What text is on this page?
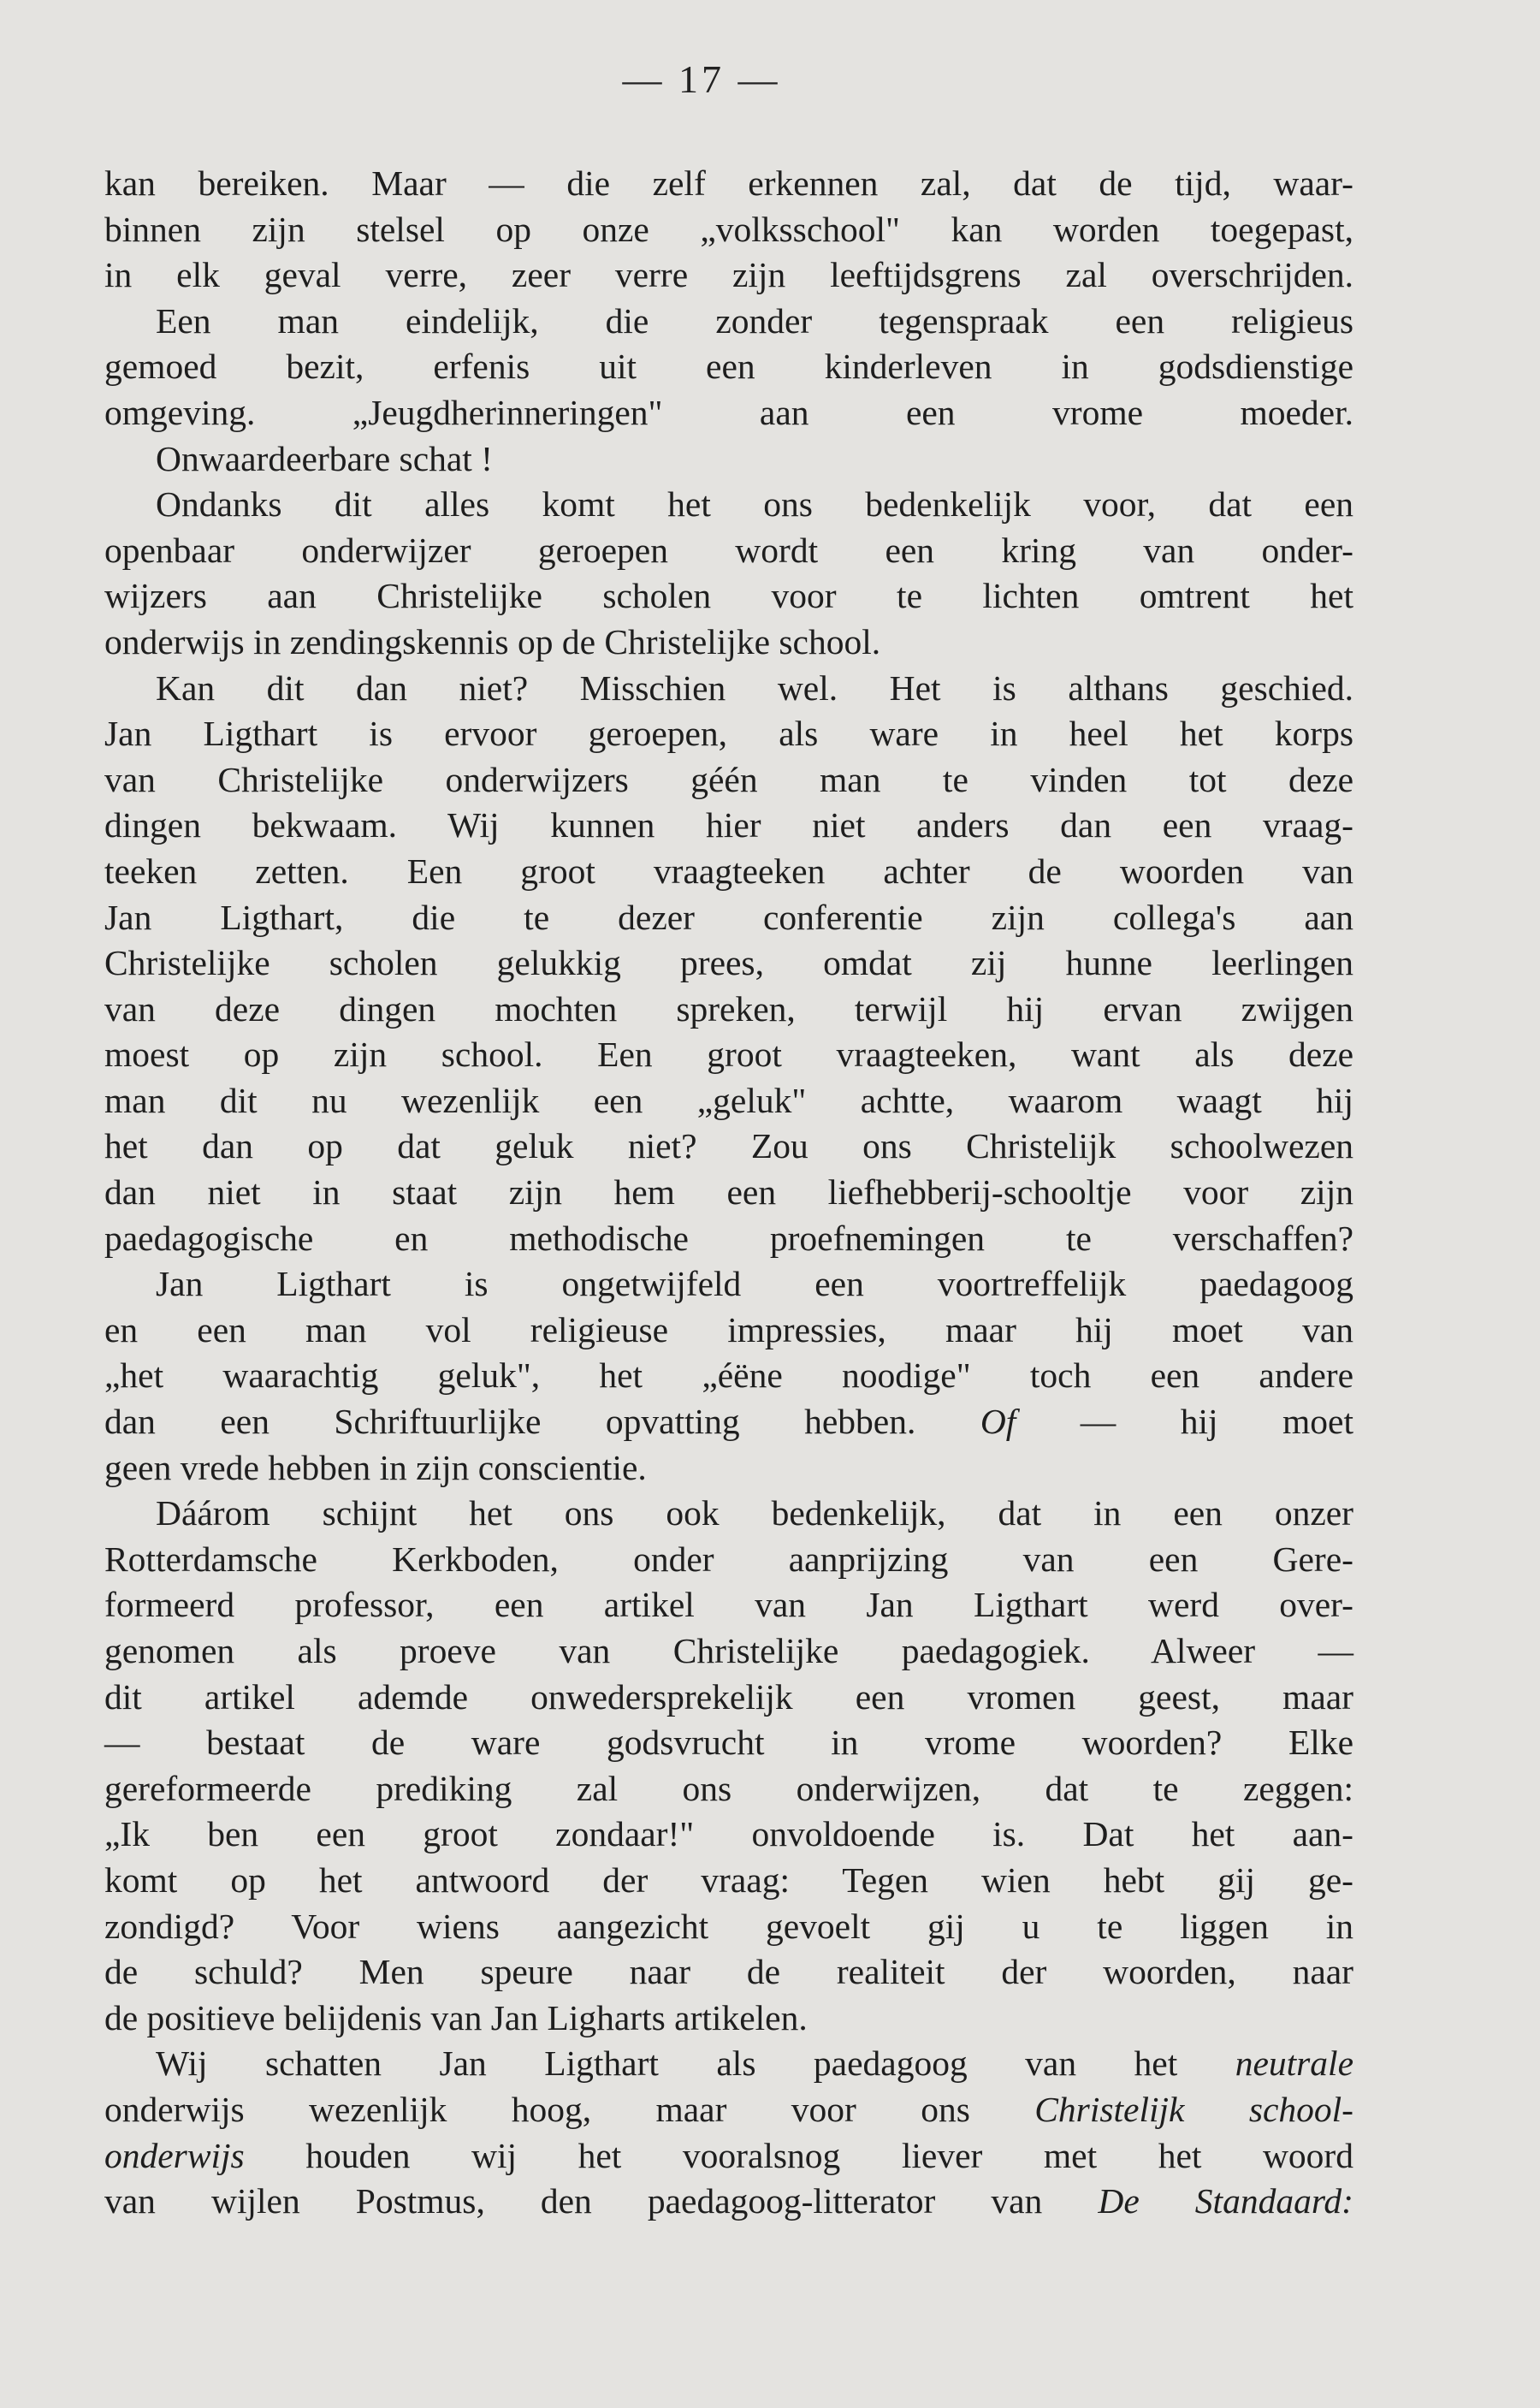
— 17 —
kan bereiken. Maar — die zelf erkennen zal, dat de tijd, waar-
binnen zijn stelsel op onze „volksschool" kan worden toegepast,
in elk geval verre, zeer verre zijn leeftijdsgrens zal overschrijden.
Een man eindelijk, die zonder tegenspraak een religieus
gemoed bezit, erfenis uit een kinderleven in godsdienstige
omgeving. „Jeugdherinneringen" aan een vrome moeder.
Onwaardeerbare schat !
Ondanks dit alles komt het ons bedenkelijk voor, dat een
openbaar onderwijzer geroepen wordt een kring van onder-
wijzers aan Christelijke scholen voor te lichten omtrent het
onderwijs in zendingskennis op de Christelijke school.
Kan dit dan niet? Misschien wel. Het is althans geschied.
Jan Ligthart is ervoor geroepen, als ware in heel het korps
van Christelijke onderwijzers géén man te vinden tot deze
dingen bekwaam. Wij kunnen hier niet anders dan een vraag-
teeken zetten. Een groot vraagteeken achter de woorden van
Jan Ligthart, die te dezer conferentie zijn collega's aan
Christelijke scholen gelukkig prees, omdat zij hunne leerlingen
van deze dingen mochten spreken, terwijl hij ervan zwijgen
moest op zijn school. Een groot vraagteeken, want als deze
man dit nu wezenlijk een „geluk" achtte, waarom waagt hij
het dan op dat geluk niet? Zou ons Christelijk schoolwezen
dan niet in staat zijn hem een liefhebberij-schooltje voor zijn
paedagogische en methodische proefnemingen te verschaffen?
Jan Ligthart is ongetwijfeld een voortreffelijk paedagoog
en een man vol religieuse impressies, maar hij moet van
„het waarachtig geluk", het „éëne noodige" toch een andere
dan een Schriftuurlijke opvatting hebben. Of — hij moet
geen vrede hebben in zijn conscientie.
Dáárom schijnt het ons ook bedenkelijk, dat in een onzer
Rotterdamsche Kerkboden, onder aanprijzing van een Gere-
formeerd professor, een artikel van Jan Ligthart werd over-
genomen als proeve van Christelijke paedagogiek. Alweer —
dit artikel ademde onwedersprekelijk een vromen geest, maar
— bestaat de ware godsvrucht in vrome woorden? Elke
gereformeerde prediking zal ons onderwijzen, dat te zeggen:
„Ik ben een groot zondaar!" onvoldoende is. Dat het aan-
komt op het antwoord der vraag: Tegen wien hebt gij ge-
zondigd? Voor wiens aangezicht gevoelt gij u te liggen in
de schuld? Men speure naar de realiteit der woorden, naar
de positieve belijdenis van Jan Ligharts artikelen.
Wij schatten Jan Ligthart als paedagoog van het neutrale
onderwijs wezenlijk hoog, maar voor ons Christelijk school-
onderwijs houden wij het vooralsnog liever met het woord
van wijlen Postmus, den paedagoog-litterator van De Standaard:
